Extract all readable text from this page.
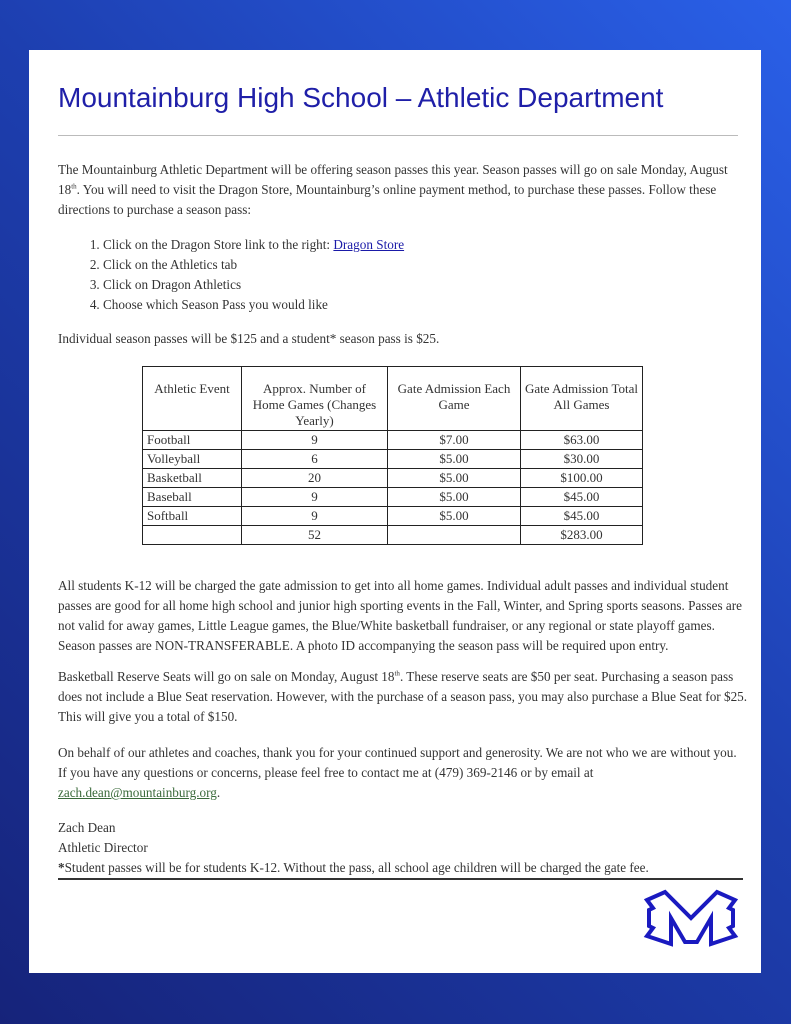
Mountainburg High School – Athletic Department
The Mountainburg Athletic Department will be offering season passes this year. Season passes will go on sale Monday, August 18th. You will need to visit the Dragon Store, Mountainburg’s online payment method, to purchase these passes. Follow these directions to purchase a season pass:
1. Click on the Dragon Store link to the right: Dragon Store
2. Click on the Athletics tab
3. Click on Dragon Athletics
4. Choose which Season Pass you would like
Individual season passes will be $125 and a student* season pass is $25.
Athletic Event	Approx. Number of Home Games (Changes Yearly)	Gate Admission Each Game	Gate Admission Total All Games
Football	9	$7.00	$63.00
Volleyball	6	$5.00	$30.00
Basketball	20	$5.00	$100.00
Baseball	9	$5.00	$45.00
Softball	9	$5.00	$45.00
	52		$283.00
All students K-12 will be charged the gate admission to get into all home games. Individual adult passes and individual student passes are good for all home high school and junior high sporting events in the Fall, Winter, and Spring sports seasons. Passes are not valid for away games, Little League games, the Blue/White basketball fundraiser, or any regional or state playoff games. Season passes are NON-TRANSFERABLE. A photo ID accompanying the season pass will be required upon entry.
Basketball Reserve Seats will go on sale on Monday, August 18th. These reserve seats are $50 per seat. Purchasing a season pass does not include a Blue Seat reservation. However, with the purchase of a season pass, you may also purchase a Blue Seat for $25. This will give you a total of $150.
On behalf of our athletes and coaches, thank you for your continued support and generosity. We are not who we are without you. If you have any questions or concerns, please feel free to contact me at (479) 369-2146 or by email at zach.dean@mountainburg.org.
Zach Dean
Athletic Director
*Student passes will be for students K-12. Without the pass, all school age children will be charged the gate fee.
